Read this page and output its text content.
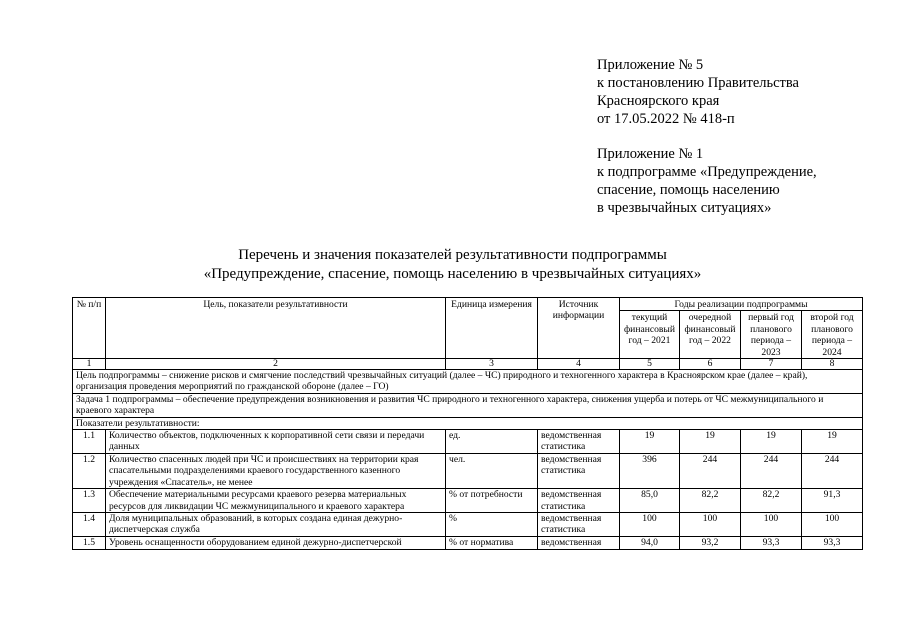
Приложение № 5
к постановлению Правительства
Красноярского края
от 17.05.2022 № 418-п
Приложение № 1
к подпрограмме «Предупреждение,
спасение, помощь населению
в чрезвычайных ситуациях»
Перечень и значения показателей результативности подпрограммы
«Предупреждение, спасение, помощь населению в чрезвычайных ситуациях»
№ п/п	Цель, показатели результативности	Единица измерения	Источник информации	Годы реализации подпрограммы			
				текущий финансовый год – 2021	очередной финансовый год – 2022	первый год планового периода – 2023	второй год планового периода – 2024
1	2	3	4	5	6	7	8
Цель подпрограммы – снижение рисков и смягчение последствий чрезвычайных ситуаций (далее – ЧС) природного и техногенного характера в Красноярском крае (далее – край), организация проведения мероприятий по гражданской обороне (далее – ГО)							
Задача 1 подпрограммы – обеспечение предупреждения возникновения и развития ЧС природного и техногенного характера, снижения ущерба и потерь от ЧС межмуниципального и краевого характера							
Показатели результативности:							
1.1	Количество объектов, подключенных к корпоративной сети связи и передачи данных	ед.	ведомственная статистика	19	19	19	19
1.2	Количество спасенных людей при ЧС и происшествиях на территории края спасательными подразделениями краевого государственного казенного учреждения «Спасатель», не менее	чел.	ведомственная статистика	396	244	244	244
1.3	Обеспечение материальными ресурсами краевого резерва материальных ресурсов для ликвидации ЧС межмуниципального и краевого характера	% от потребности	ведомственная статистика	85,0	82,2	82,2	91,3
1.4	Доля муниципальных образований, в которых создана единая дежурно-диспетчерская служба	%	ведомственная статистика	100	100	100	100
1.5	Уровень оснащенности оборудованием единой дежурно-диспетчерской	% от норматива	ведомственная	94,0	93,2	93,3	93,3
